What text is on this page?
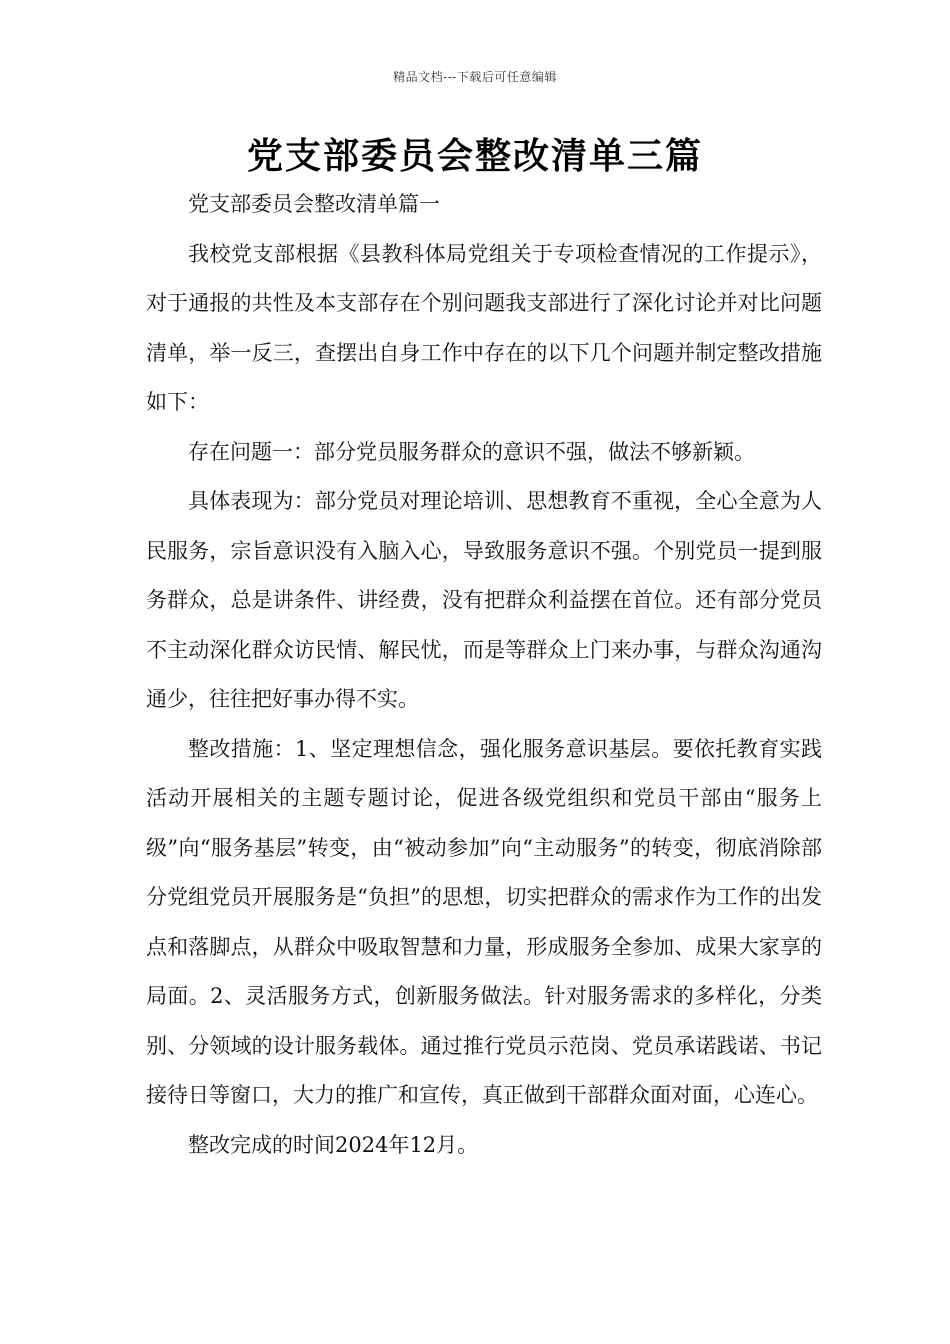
精品文档---下载后可任意编辑
党支部委员会整改清单三篇

党支部委员会整改清单篇一

我校党支部根据《县教科体局党组关于专项检查情况的工作提示》，对于通报的共性及本支部存在个别问题我支部进行了深化讨论并对比问题清单，举一反三，查摆出自身工作中存在的以下几个问题并制定整改措施如下：

存在问题一：部分党员服务群众的意识不强，做法不够新颖。

具体表现为：部分党员对理论培训、思想教育不重视，全心全意为人民服务，宗旨意识没有入脑入心，导致服务意识不强。个别党员一提到服务群众，总是讲条件、讲经费，没有把群众利益摆在首位。还有部分党员不主动深化群众访民情、解民忧，而是等群众上门来办事，与群众沟通沟通少，往往把好事办得不实。

整改措施：1、坚定理想信念，强化服务意识基层。要依托教育实践活动开展相关的主题专题讨论，促进各级党组织和党员干部由“服务上级”向“服务基层”转变，由“被动参加”向“主动服务”的转变，彻底消除部分党组党员开展服务是“负担”的思想，切实把群众的需求作为工作的出发点和落脚点，从群众中吸取智慧和力量，形成服务全参加、成果大家享的局面。2、灵活服务方式，创新服务做法。针对服务需求的多样化，分类别、分领域的设计服务载体。通过推行党员示范岗、党员承诺践诺、书记接待日等窗口，大力的推广和宣传，真正做到干部群众面对面，心连心。

整改完成的时间2024年12月。
